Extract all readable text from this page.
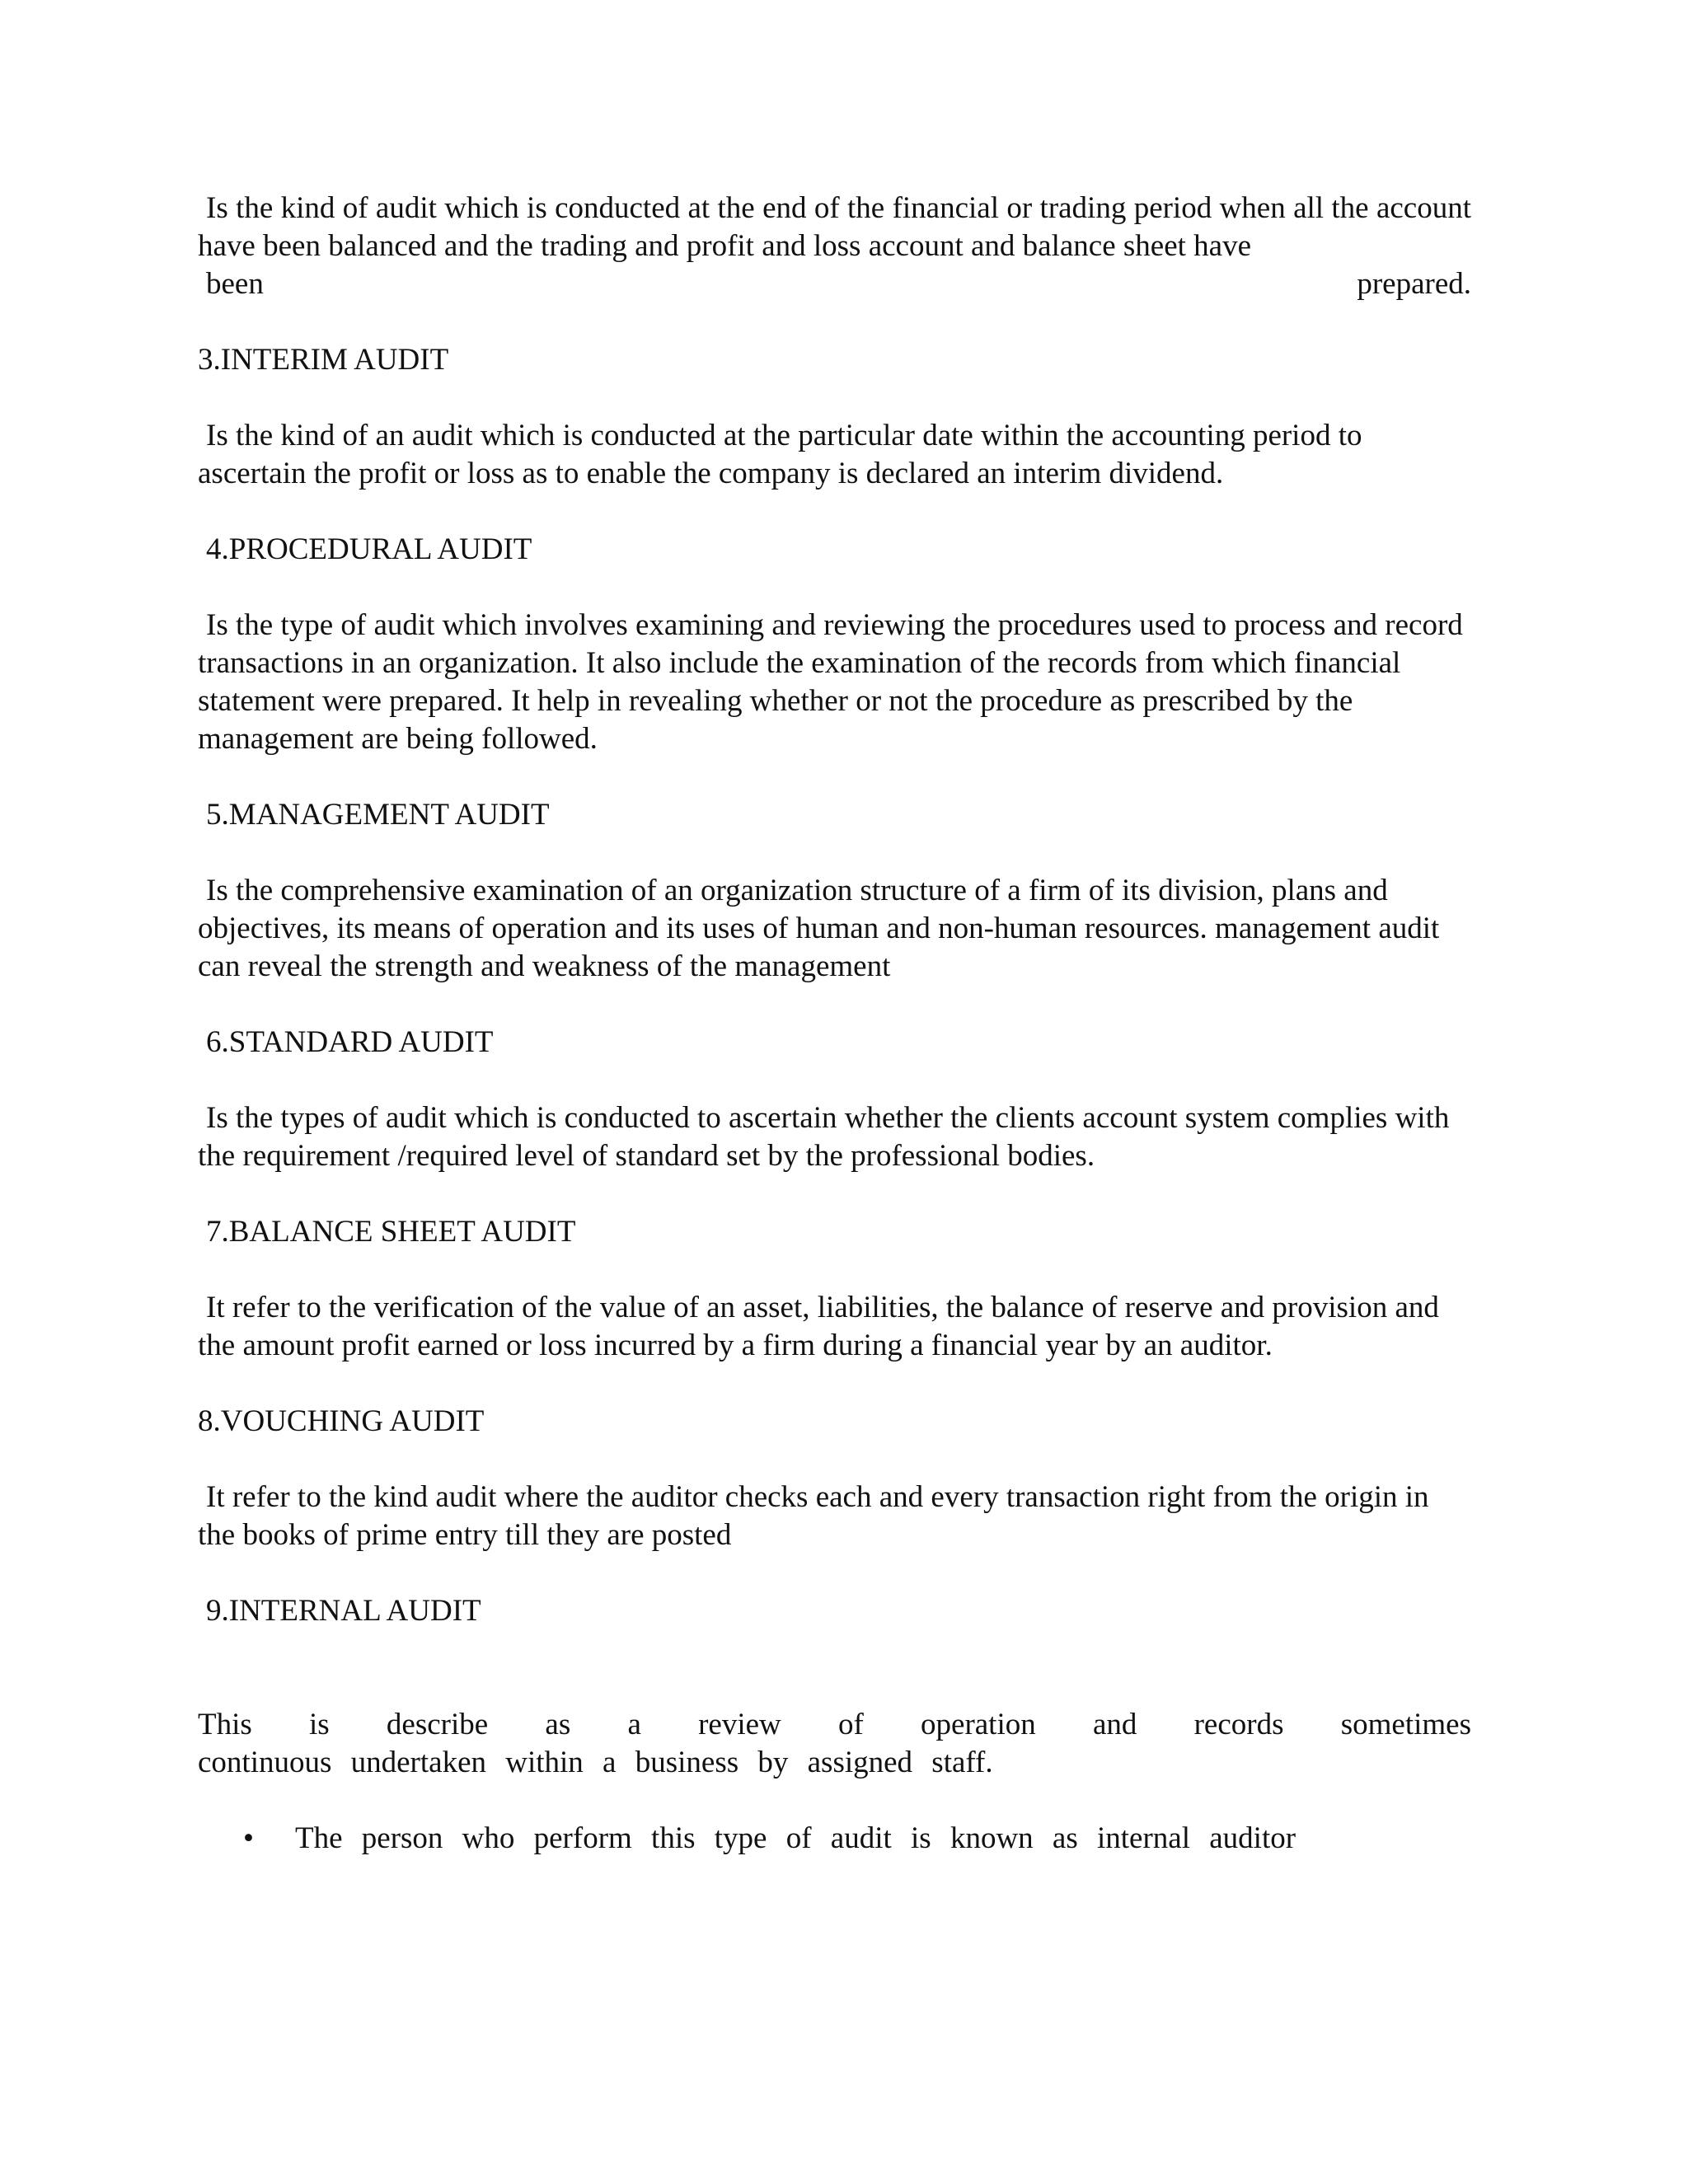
Is the kind of audit which is conducted at the end of the financial or trading period when all the account have been balanced and the trading and profit and loss account and balance sheet have
been	prepared.

3.INTERIM AUDIT

Is the kind of an audit which is conducted at the particular date within the accounting period to ascertain the profit or loss as to enable the company is declared an interim dividend.

4.PROCEDURAL AUDIT

Is the type of audit which involves examining and reviewing the procedures used to process and record transactions in an organization. It also include the examination of the records from which financial statement were prepared. It help in revealing whether or not the procedure as prescribed by the management are being followed.

5.MANAGEMENT AUDIT

Is the comprehensive examination of an organization structure of a firm of its division, plans and objectives, its means of operation and its uses of human and non-human resources. management audit can reveal the strength and weakness of the management

6.STANDARD AUDIT

Is the types of audit which is conducted to ascertain whether the clients account system complies with the requirement /required level of standard set by the professional bodies.

7.BALANCE SHEET AUDIT

It refer to the verification of the value of an asset, liabilities, the balance of reserve and provision and the amount profit earned or loss incurred by a firm during a financial year by an auditor.

8.VOUCHING AUDIT

It refer to the kind audit where the auditor checks each and every transaction right from the origin in the books of prime entry till they are posted

9.INTERNAL AUDIT

This is describe as a review of operation and records sometimes
continuous undertaken within a business by assigned staff.

• The person who perform this type of audit is known as internal auditor
